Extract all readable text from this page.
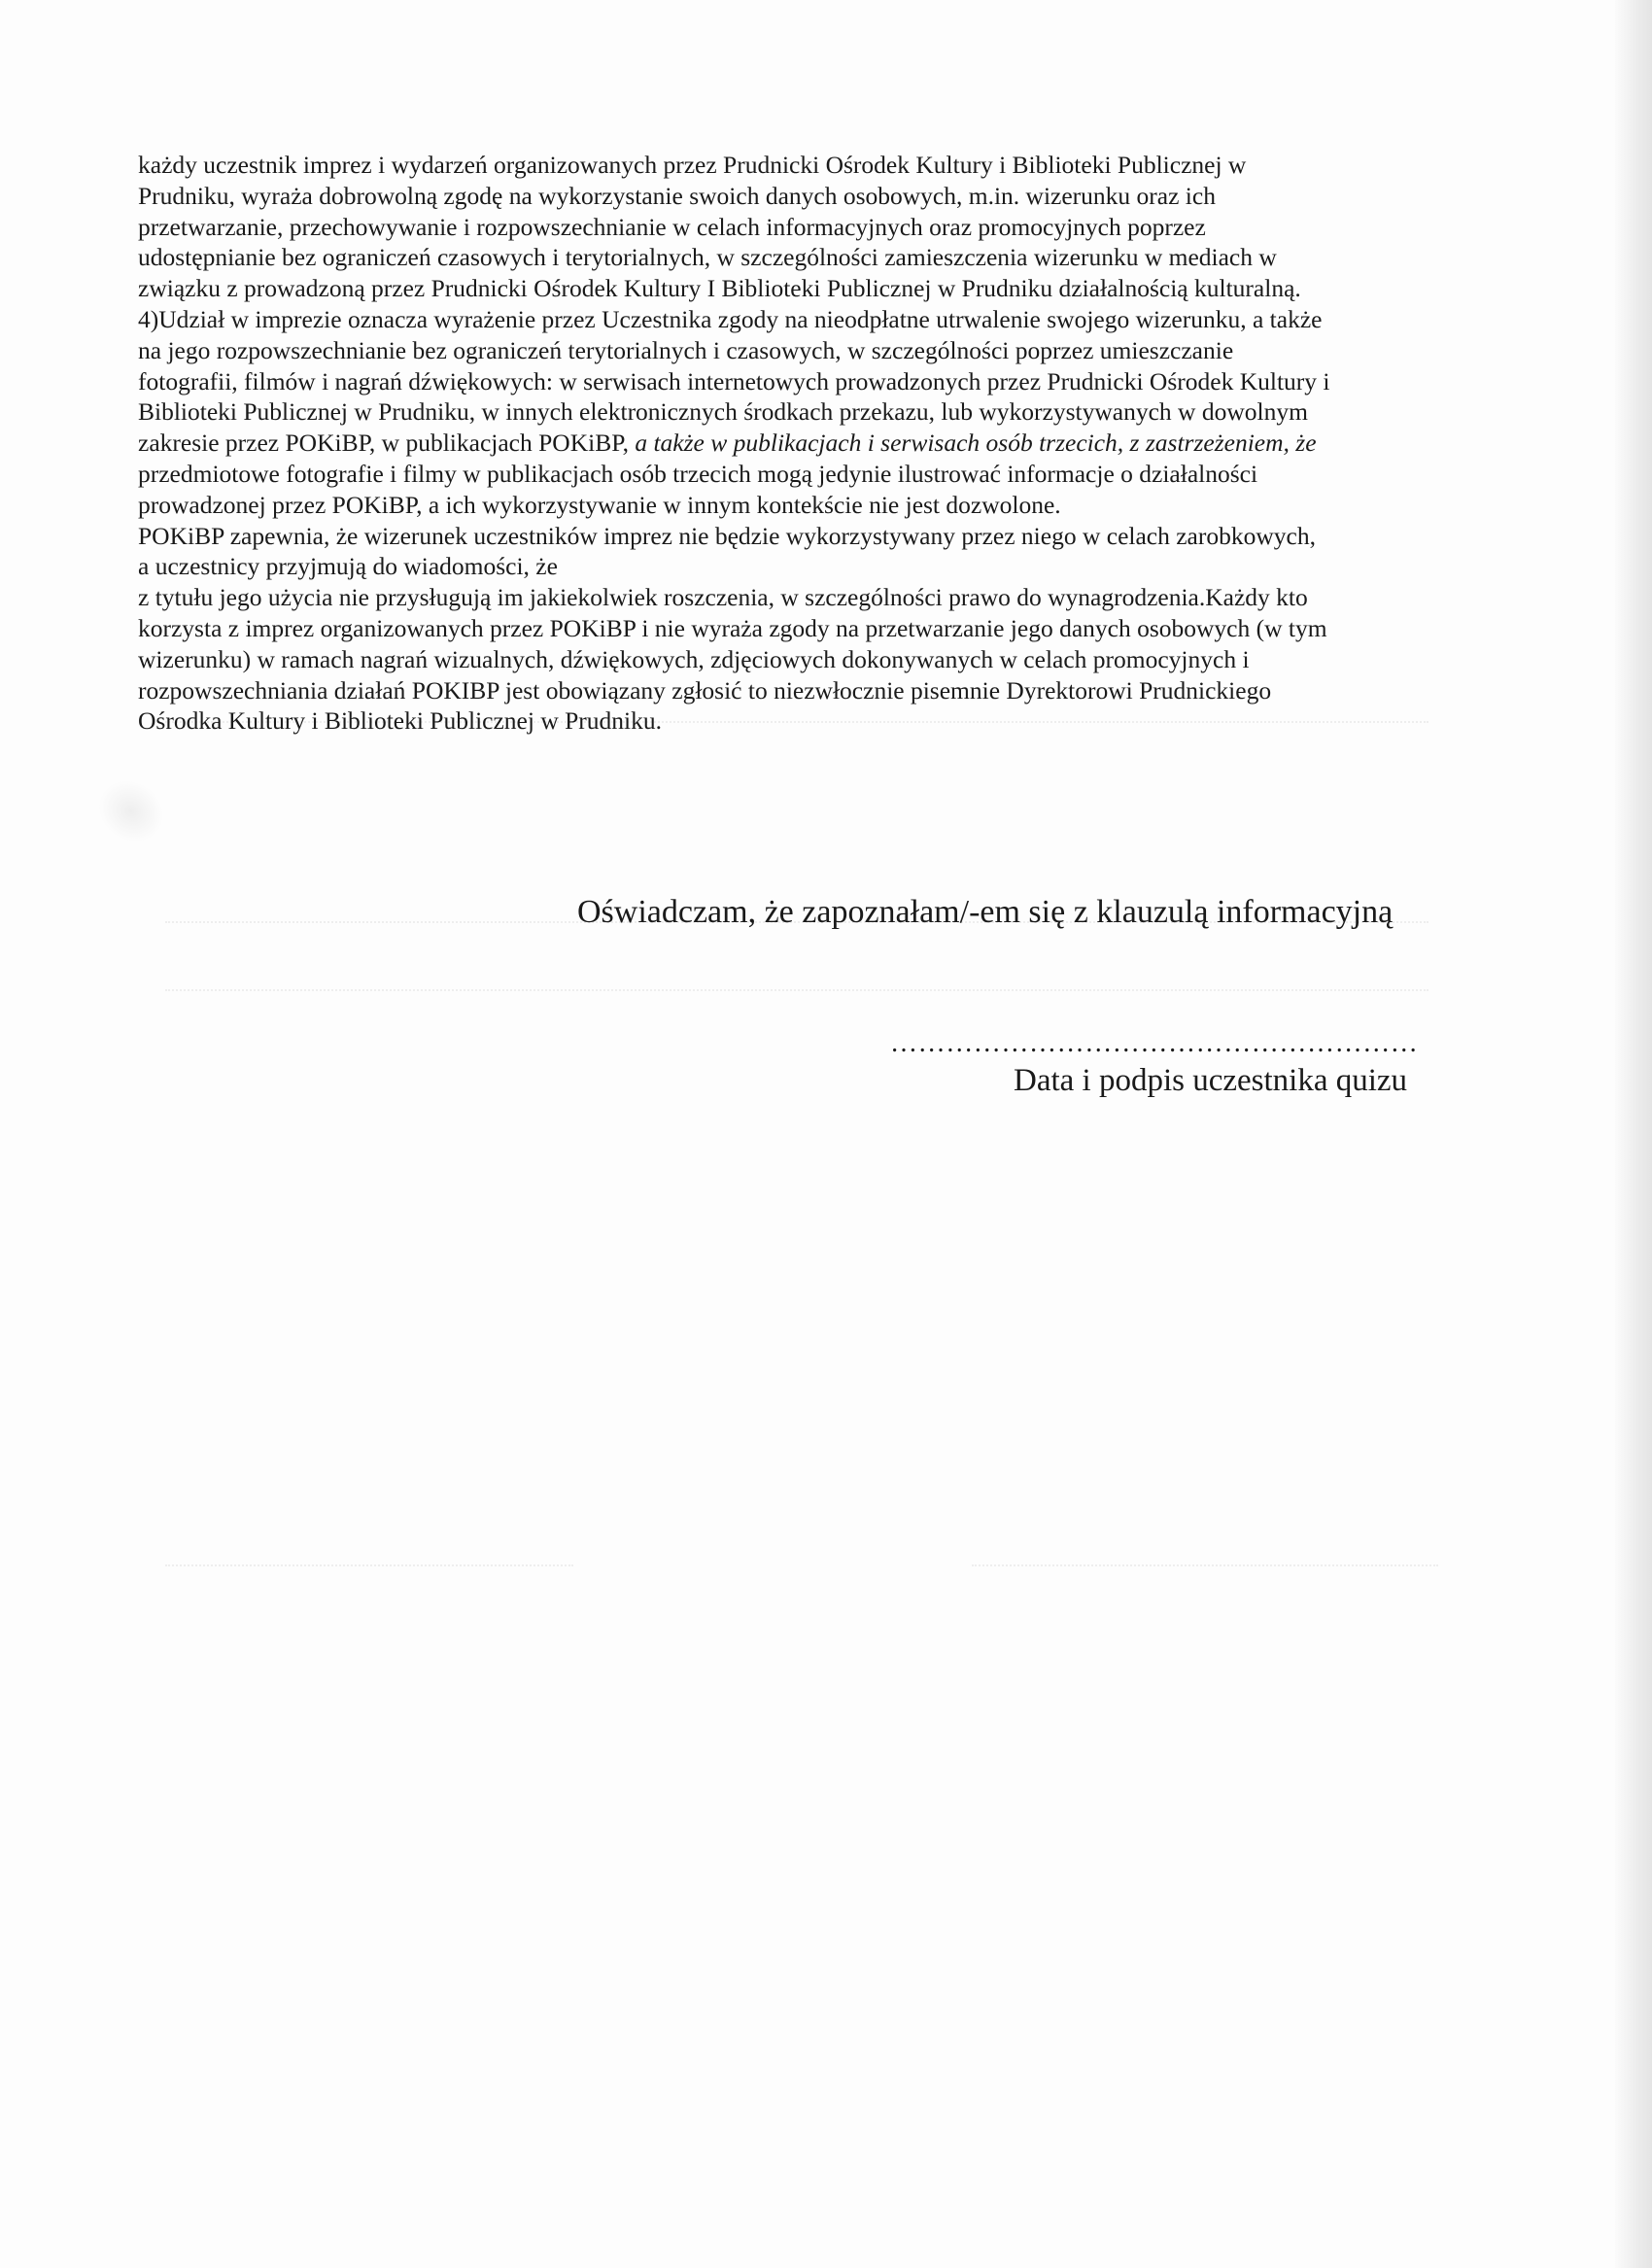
każdy uczestnik imprez i wydarzeń organizowanych przez Prudnicki Ośrodek Kultury i Biblioteki Publicznej w
Prudniku, wyraża dobrowolną zgodę na wykorzystanie swoich danych osobowych, m.in. wizerunku oraz ich
przetwarzanie, przechowywanie i rozpowszechnianie w celach informacyjnych oraz promocyjnych poprzez
udostępnianie bez ograniczeń czasowych i terytorialnych, w szczególności zamieszczenia wizerunku w mediach w
związku z prowadzoną przez Prudnicki Ośrodek Kultury I Biblioteki Publicznej w Prudniku działalnością kulturalną.
4)Udział w imprezie oznacza wyrażenie przez Uczestnika zgody na nieodpłatne utrwalenie swojego wizerunku, a także
na jego rozpowszechnianie bez ograniczeń terytorialnych i czasowych, w szczególności poprzez umieszczanie
fotografii, filmów i nagrań dźwiękowych: w serwisach internetowych prowadzonych przez Prudnicki Ośrodek Kultury i
Biblioteki Publicznej w Prudniku, w innych elektronicznych środkach przekazu, lub wykorzystywanych w dowolnym
zakresie przez POKiBP, w publikacjach POKiBP, a także w publikacjach i serwisach osób trzecich, z zastrzeżeniem, że
przedmiotowe fotografie i filmy w publikacjach osób trzecich mogą jedynie ilustrować informacje o działalności
prowadzonej przez POKiBP, a ich wykorzystywanie w innym kontekście nie jest dozwolone.
POKiBP zapewnia, że wizerunek uczestników imprez nie będzie wykorzystywany przez niego w celach zarobkowych,
a uczestnicy przyjmują do wiadomości, że
z tytułu jego użycia nie przysługują im jakiekolwiek roszczenia, w szczególności prawo do wynagrodzenia.Każdy kto
korzysta z imprez organizowanych przez POKiBP i nie wyraża zgody na przetwarzanie jego danych osobowych (w tym
wizerunku) w ramach nagrań wizualnych, dźwiękowych, zdjęciowych dokonywanych w celach promocyjnych i
rozpowszechniania działań POKIBP jest obowiązany zgłosić to niezwłocznie pisemnie Dyrektorowi Prudnickiego
Ośrodka Kultury i Biblioteki Publicznej w Prudniku.
Oświadczam, że zapoznałam/-em się z klauzulą informacyjną
…………………………………………………
Data i podpis uczestnika quizu
